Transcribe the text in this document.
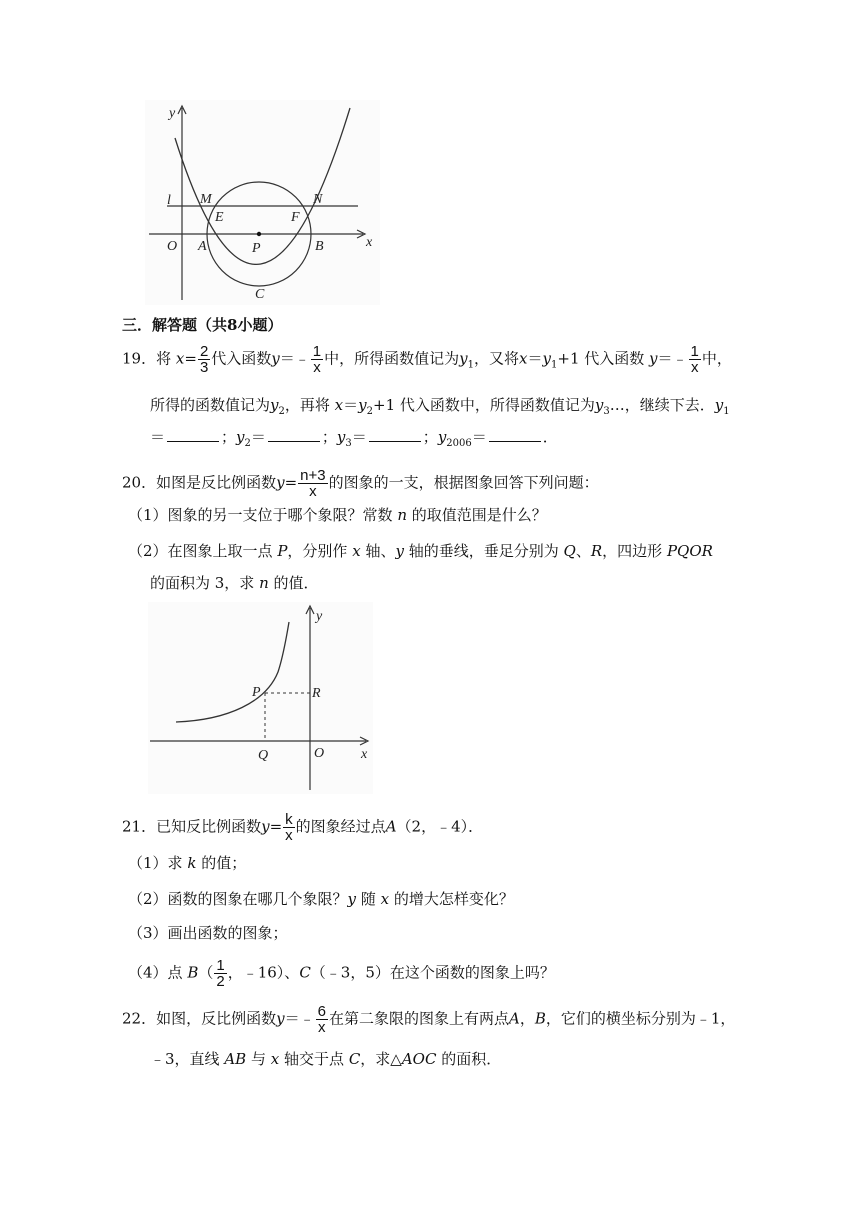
y
l M	N
E	F
O A	P	B	x
C
三．解答题（共8小题）
19．将 $x= \frac{2}{3}$ 代入函数y＝﹣ $\frac{1}{x}$ 中，所得函数值记为$y_1$，又将$x=y_1+1$ 代入函数 y＝﹣ $\frac{1}{x}$ 中，
所得的函数值记为$y_2$，再将 $x=y_2+1$ 代入函数中，所得函数值记为$y_3\dots$，继续下去．$y_1$
＝	；$y_2=$	；$y_3=$	；$y_{2006}=$	．
20．如图是反比例函数$y= \frac{n+3}{x}$ 的图象的一支，根据图象回答下列问题：
（1）图象的另一支位于哪个象限？常数 n 的取值范围是什么？
（2）在图象上取一点 P，分别作 x 轴、y 轴的垂线，垂足分别为 Q、R，四边形 PQOR
的面积为 3，求 n 的值．
y
P	R
Q	O	x
21．已知反比例函数$y= \frac{k}{x}$ 的图象经过点A（2，﹣4）．
（1）求 k 的值；
（2）函数的图象在哪几个象限？y 随 x 的增大怎样变化？
（3）画出函数的图象；
（4）点 $B( \frac{1}{2}$ ，﹣16）、C（﹣3，5）在这个函数的图象上吗？
22．如图，反比例函数y＝﹣ $\frac{6}{x}$ 在第二象限的图象上有两点A，B，它们的横坐标分别为﹣1，
﹣3，直线 AB 与 x 轴交于点 C，求△AOC 的面积．
